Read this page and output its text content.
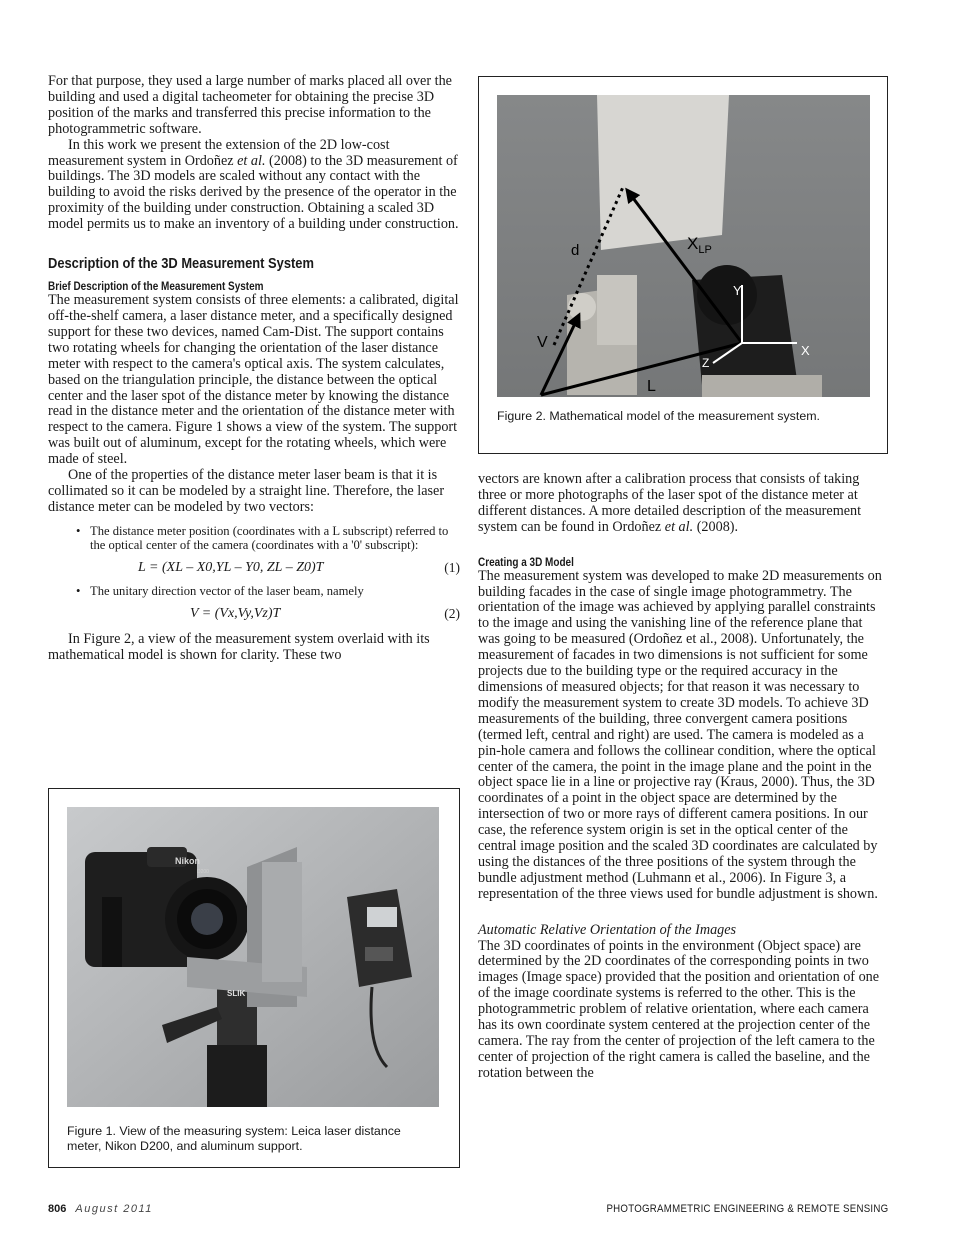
For that purpose, they used a large number of marks placed all over the building and used a digital tacheometer for obtaining the precise 3D position of the marks and transferred this precise information to the photogrammetric software.

In this work we present the extension of the 2D low-cost measurement system in Ordoñez et al. (2008) to the 3D measurement of buildings. The 3D models are scaled without any contact with the building to avoid the risks derived by the presence of the operator in the proximity of the building under construction. Obtaining a scaled 3D model permits us to make an inventory of a building under construction.

Description of the 3D Measurement System
Brief Description of the Measurement System

The measurement system consists of three elements: a calibrated, digital off-the-shelf camera, a laser distance meter, and a specifically designed support for these two devices, named Cam-Dist. The support contains two rotating wheels for changing the orientation of the laser distance meter with respect to the camera's optical axis. The system calculates, based on the triangulation principle, the distance between the optical center and the laser spot of the distance meter by knowing the distance read in the distance meter and the orientation of the distance meter with respect to the camera. Figure 1 shows a view of the system. The support was built out of aluminum, except for the rotating wheels, which were made of steel.

One of the properties of the distance meter laser beam is that it is collimated so it can be modeled by a straight line. Therefore, the laser distance meter can be modeled by two vectors:

• The distance meter position (coordinates with a L subscript) referred to the optical center of the camera (coordinates with a '0' subscript):
L = (XL – X0,YL – Y0, ZL – Z0)T	(1)
• The unitary direction vector of the laser beam, namely
V = (Vx,Vy,Vz)T	(2)

In Figure 2, a view of the measurement system overlaid with its mathematical model is shown for clarity. These two

Nikon
D200
SLIK
Figure 1. View of the measuring system: Leica laser distance meter, Nikon D200, and aluminum support.
d	$X_{LP}$
Y
X
Z
V
L
Figure 2. Mathematical model of the measurement system.

vectors are known after a calibration process that consists of taking three or more photographs of the laser spot of the distance meter at different distances. A more detailed description of the measurement system can be found in Ordoñez et al. (2008).

Creating a 3D Model

The measurement system was developed to make 2D measurements on building facades in the case of single image photogrammetry. The orientation of the image was achieved by applying parallel constraints to the image and using the vanishing line of the reference plane that was going to be measured (Ordoñez et al., 2008). Unfortunately, the measurement of facades in two dimensions is not sufficient for some projects due to the building type or the required accuracy in the dimensions of measured objects; for that reason it was necessary to modify the measurement system to create 3D models. To achieve 3D measurements of the building, three convergent camera positions (termed left, central and right) are used. The camera is modeled as a pin-hole camera and follows the collinear condition, where the optical center of the camera, the point in the image plane and the point in the object space lie in a line or projective ray (Kraus, 2000). Thus, the 3D coordinates of a point in the object space are determined by the intersection of two or more rays of different camera positions. In our case, the reference system origin is set in the optical center of the central image position and the scaled 3D coordinates are calculated by using the distances of the three positions of the system through the bundle adjustment method (Luhmann et al., 2006). In Figure 3, a representation of the three views used for bundle adjustment is shown.

Automatic Relative Orientation of the Images

The 3D coordinates of points in the environment (Object space) are determined by the 2D coordinates of the corresponding points in two images (Image space) provided that the position and orientation of one of the image coordinate systems is referred to the other. This is the photogrammetric problem of relative orientation, where each camera has its own coordinate system centered at the projection center of the camera. The ray from the center of projection of the left camera to the center of projection of the right camera is called the baseline, and the rotation between the

806 August 2011	PHOTOGRAMMETRIC ENGINEERING & REMOTE SENSING
